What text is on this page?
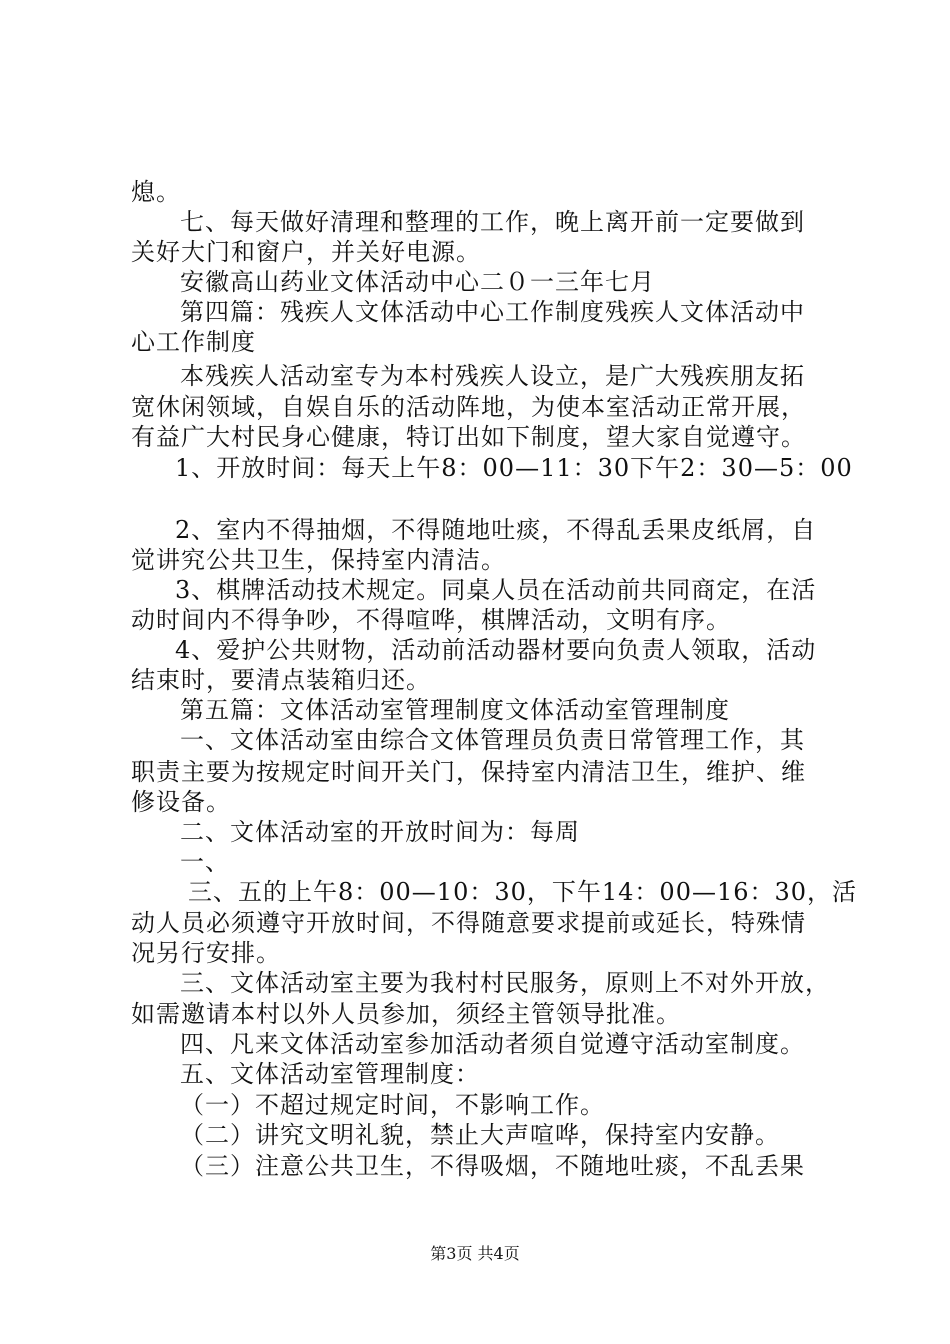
熄。
七、每天做好清理和整理的工作，晚上离开前一定要做到
关好大门和窗户，并关好电源。
安徽高山药业文体活动中心二０一三年七月
第四篇：残疾人文体活动中心工作制度残疾人文体活动中
心工作制度
本残疾人活动室专为本村残疾人设立，是广大残疾朋友拓
宽休闲领域，自娱自乐的活动阵地，为使本室活动正常开展，
有益广大村民身心健康，特订出如下制度，望大家自觉遵守。
1、开放时间：每天上午8：00—11：30下午2：30—5：00
2、室内不得抽烟，不得随地吐痰，不得乱丢果皮纸屑，自
觉讲究公共卫生，保持室内清洁。
3、棋牌活动技术规定。同桌人员在活动前共同商定，在活
动时间内不得争吵，不得喧哗，棋牌活动，文明有序。
4、爱护公共财物，活动前活动器材要向负责人领取，活动
结束时，要清点装箱归还。
第五篇：文体活动室管理制度文体活动室管理制度
一、文体活动室由综合文体管理员负责日常管理工作，其
职责主要为按规定时间开关门，保持室内清洁卫生，维护、维
修设备。
二、文体活动室的开放时间为：每周
一、
三、五的上午8：00—10：30，下午14：00—16：30，活
动人员必须遵守开放时间，不得随意要求提前或延长，特殊情
况另行安排。
三、文体活动室主要为我村村民服务，原则上不对外开放，
如需邀请本村以外人员参加，须经主管领导批准。
四、凡来文体活动室参加活动者须自觉遵守活动室制度。
五、文体活动室管理制度：
（一）不超过规定时间，不影响工作。
（二）讲究文明礼貌，禁止大声喧哗，保持室内安静。
（三）注意公共卫生，不得吸烟，不随地吐痰，不乱丢果
第3页 共4页
